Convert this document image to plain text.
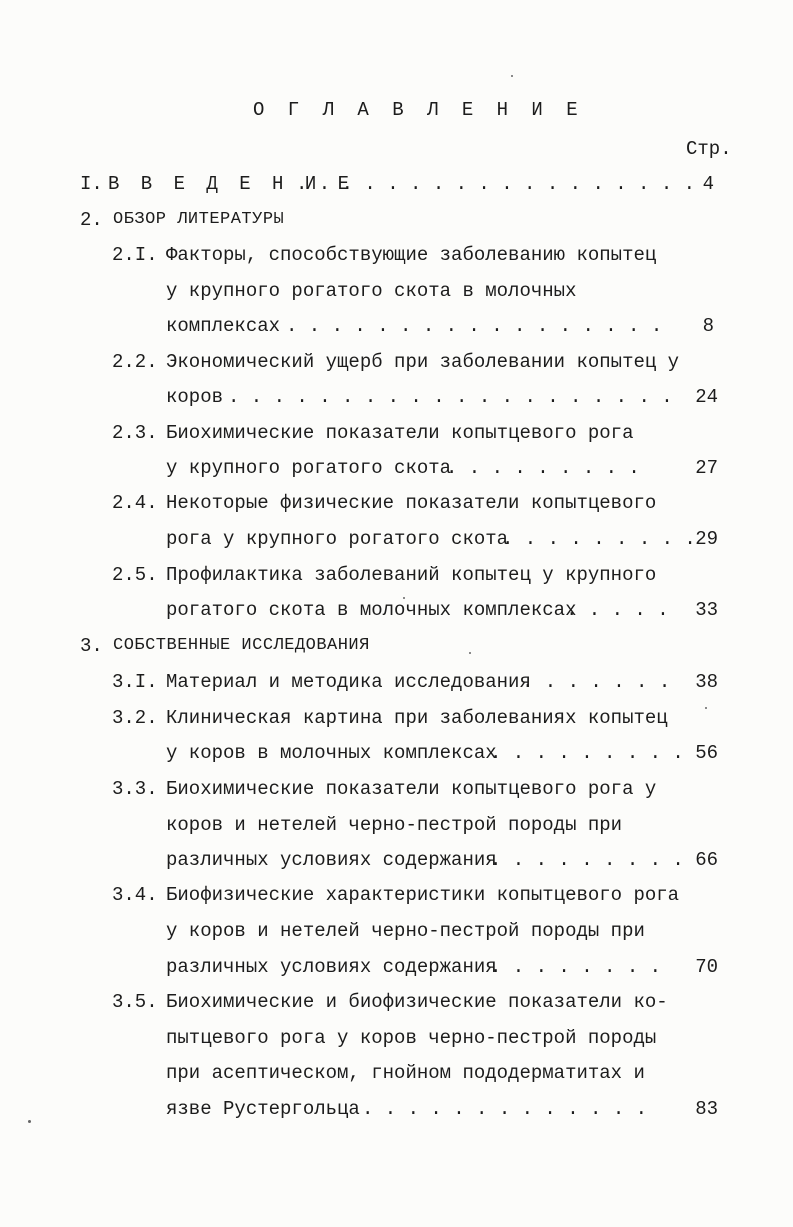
О Г Л А В Л Е Н И Е
Стр.
I. В В Е Д Е Н И Е
. . . . . . . . . . . . . . . . . . 4
2. ОБЗОР ЛИТЕРАТУРЫ
2.I. Факторы, способствующие заболеванию копытец
у крупного рогатого скота в молочных
комплексах . . . . . . . . . . . . . . . . .	8
2.2. Экономический ущерб при заболевании копытец у
коров . . . . . . . . . . . . . . . . . . . .	24
2.3. Биохимические показатели копытцевого рога
у крупного рогатого скота
. . . . . . . . .	27
2.4. Некоторые физические показатели копытцевого
рога у крупного рогатого скота
. . . . . . . . . 29
2.5. Профилактика заболеваний копытец у крупного
рогатого скота в молочных комплексах
. . . . .	33
3. СОБСТВЕННЫЕ ИССЛЕДОВАНИЯ
3.I. Материал и методика исследования
. . . . . . .	38
3.2. Клиническая картина при заболеваниях копытец
у коров в молочных комплексах
. . . . . . . . . 56
3.3. Биохимические показатели копытцевого рога у
коров и нетелей черно-пестрой породы при
различных условиях содержания
. . . . . . . . . 66
3.4. Биофизические характеристики копытцевого рога
у коров и нетелей черно-пестрой породы при
различных условиях содержания
. . . . . . . .	70
3.5. Биохимические и биофизические показатели ко-
пытцевого рога у коров черно-пестрой породы
при асептическом, гнойном пододерматитах и
язве Рустергольца . . . . . . . . . . . . .	83
